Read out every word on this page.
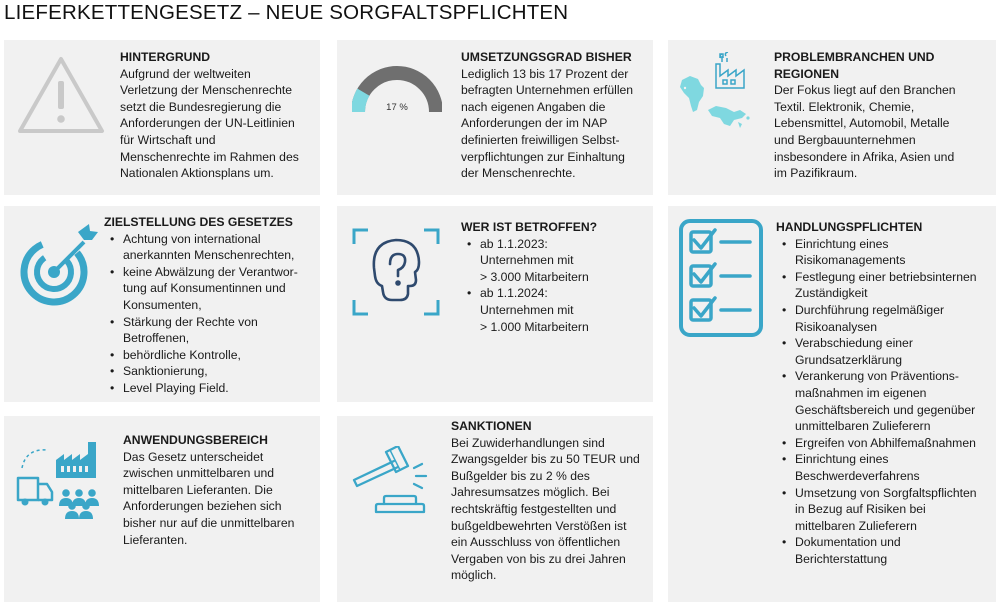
LIEFERKETTENGESETZ – NEUE SORGFALTSPFLICHTEN
HINTERGRUND
Aufgrund der weltweiten
Verletzung der Menschenrechte
setzt die Bundesregierung die
Anforderungen der UN-Leitlinien
für Wirtschaft und
Menschenrechte im Rahmen des
Nationalen Aktionsplans um.
17 %
UMSETZUNGSGRAD BISHER
Lediglich 13 bis 17 Prozent der
befragten Unternehmen erfüllen
nach eigenen Angaben die
Anforderungen der im NAP
definierten freiwilligen Selbst-
verpflichtungen zur Einhaltung
der Menschenrechte.
PROBLEMBRANCHEN UND
REGIONEN
Der Fokus liegt auf den Branchen
Textil. Elektronik, Chemie,
Lebensmittel, Automobil, Metalle
und Bergbauunternehmen
insbesondere in Afrika, Asien und
im Pazifikraum.
ZIELSTELLUNG DES GESETZES
• Achtung von international
anerkannten Menschenrechten,
• keine Abwälzung der Verantwor-
tung auf Konsumentinnen und
Konsumenten,
• Stärkung der Rechte von
Betroffenen,
• behördliche Kontrolle,
• Sanktionierung,
• Level Playing Field.
WER IST BETROFFEN?
• ab 1.1.2023:
Unternehmen mit
> 3.000 Mitarbeitern
• ab 1.1.2024:
Unternehmen mit
> 1.000 Mitarbeitern
HANDLUNGSPFLICHTEN
• Einrichtung eines
Risikomanagements
• Festlegung einer betriebsinternen
Zuständigkeit
• Durchführung regelmäßiger
Risikoanalysen
• Verabschiedung einer
Grundsatzerklärung
• Verankerung von Präventions-
maßnahmen im eigenen
Geschäftsbereich und gegenüber
unmittelbaren Zulieferern
• Ergreifen von Abhilfemaßnahmen
• Einrichtung eines
Beschwerdeverfahrens
• Umsetzung von Sorgfaltspflichten
in Bezug auf Risiken bei
mittelbaren Zulieferern
• Dokumentation und
Berichterstattung
ANWENDUNGSBEREICH
Das Gesetz unterscheidet
zwischen unmittelbaren und
mittelbaren Lieferanten. Die
Anforderungen beziehen sich
bisher nur auf die unmittelbaren
Lieferanten.
SANKTIONEN
Bei Zuwiderhandlungen sind
Zwangsgelder bis zu 50 TEUR und
Bußgelder bis zu 2 % des
Jahresumsatzes möglich. Bei
rechtskräftig festgestellten und
bußgeldbewehrten Verstößen ist
ein Ausschluss von öffentlichen
Vergaben von bis zu drei Jahren
möglich.
